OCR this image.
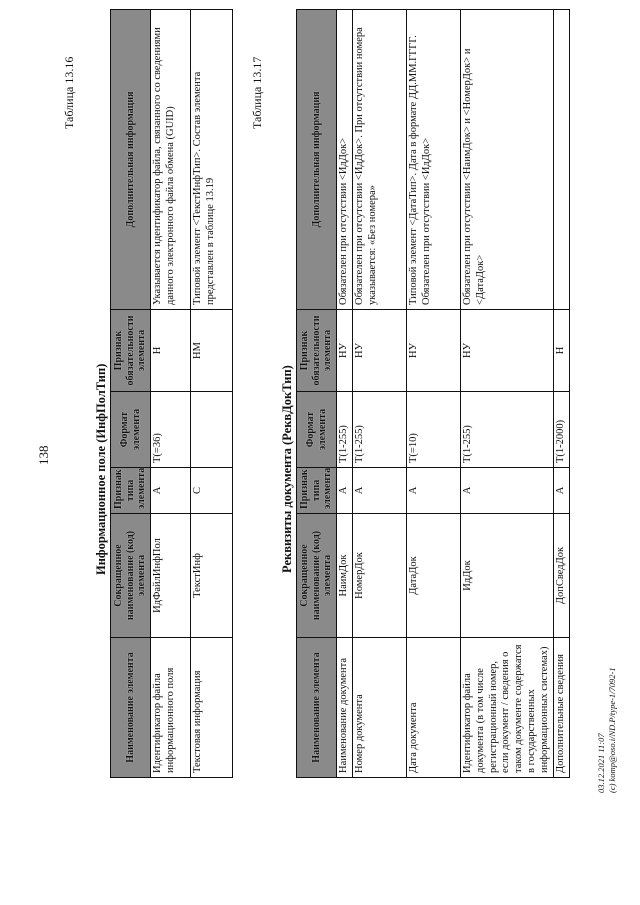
138
Таблица 13.16
Информационное поле (ИнфПолТип)
Наименование элемента	Сокращенное наименование (код) элемента	Признак типа элемента	Формат элемента	Признак обязательности элемента	Дополнительная информация
Идентификатор файла информационного поля	ИдФайлИнфПол	А	T(=36)	Н	Указывается идентификатор файла, связанного со сведениями данного электронного файла обмена (GUID)
Текстовая информация	ТекстИнф	С		НМ	Типовой элемент <ТекстИнфТип>. Состав элемента представлен в таблице 13.19
Таблица 13.17
Реквизиты документа (РеквДокТип)
Наименование элемента	Сокращенное наименование (код) элемента	Признак типа элемента	Формат элемента	Признак обязательности элемента	Дополнительная информация
Наименование документа	НаимДок	А	T(1-255)	НУ	Обязателен при отсутствии <ИдДок>
Номер документа	НомерДок	А	T(1-255)	НУ	Обязателен при отсутствии <ИдДок>. При отсутствии номера указывается: «Без номера»
Дата документа	ДатаДок	А	T(=10)	НУ	Типовой элемент <ДатаТип>. Дата в формате ДД.ММ.ГГГГ. Обязателен при отсутствии <ИдДок>
Идентификатор файла документа (в том числе регистрационный номер, если документ / сведения о таком документе содержатся в государственных информационных системах)	ИдДок	А	T(1-255)	НУ	Обязателен при отсутствии <НаимДок> и <НомерДок> и <ДатаДок>
Дополнительные сведения	ДопСведДок	А	T(1-2000)	Н	
03.12.2021 11:07 (c) komp@oso.i/ND.P/type-1/7092-1
